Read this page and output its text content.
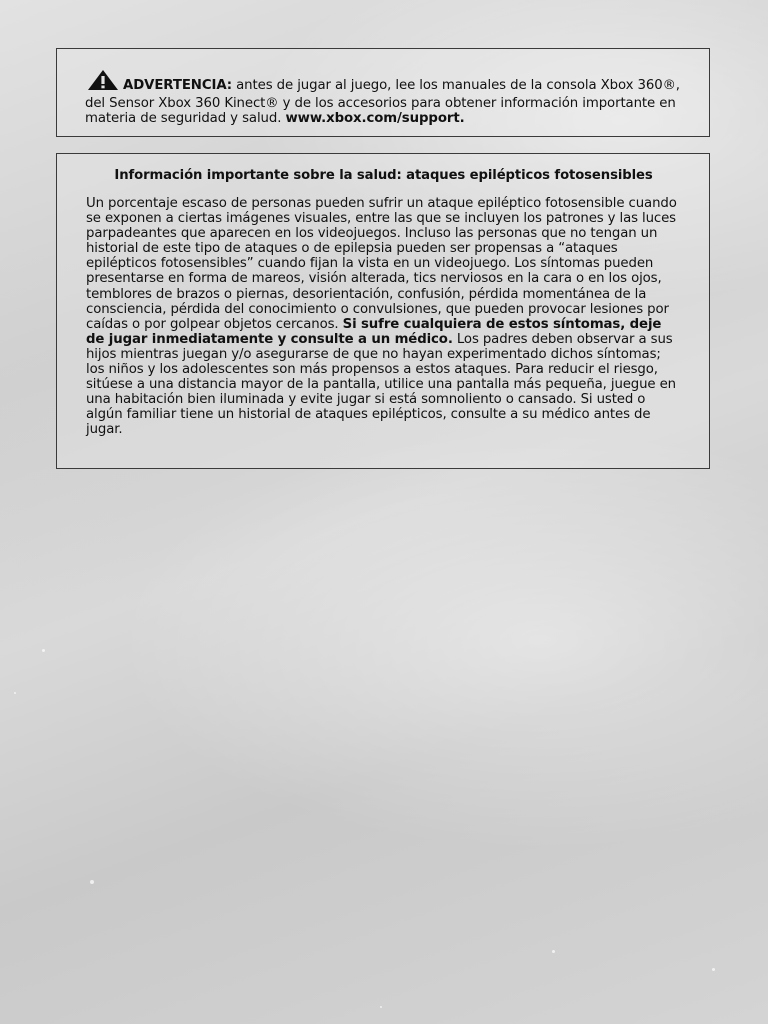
ADVERTENCIA: antes de jugar al juego, lee los manuales de la consola Xbox 360®, del Sensor Xbox 360 Kinect® y de los accesorios para obtener información importante en materia de seguridad y salud. www.xbox.com/support.
Información importante sobre la salud: ataques epilépticos fotosensibles

Un porcentaje escaso de personas pueden sufrir un ataque epiléptico fotosensible cuando se exponen a ciertas imágenes visuales, entre las que se incluyen los patrones y las luces parpadeantes que aparecen en los videojuegos. Incluso las personas que no tengan un historial de este tipo de ataques o de epilepsia pueden ser propensas a “ataques epilépticos fotosensibles” cuando fijan la vista en un videojuego. Los síntomas pueden presentarse en forma de mareos, visión alterada, tics nerviosos en la cara o en los ojos, temblores de brazos o piernas, desorientación, confusión, pérdida momentánea de la consciencia, pérdida del conocimiento o convulsiones, que pueden provocar lesiones por caídas o por golpear objetos cercanos. Si sufre cualquiera de estos síntomas, deje de jugar inmediatamente y consulte a un médico. Los padres deben observar a sus hijos mientras juegan y/o asegurarse de que no hayan experimentado dichos síntomas; los niños y los adolescentes son más propensos a estos ataques. Para reducir el riesgo, sitúese a una distancia mayor de la pantalla, utilice una pantalla más pequeña, juegue en una habitación bien iluminada y evite jugar si está somnoliento o cansado. Si usted o algún familiar tiene un historial de ataques epilépticos, consulte a su médico antes de jugar.
